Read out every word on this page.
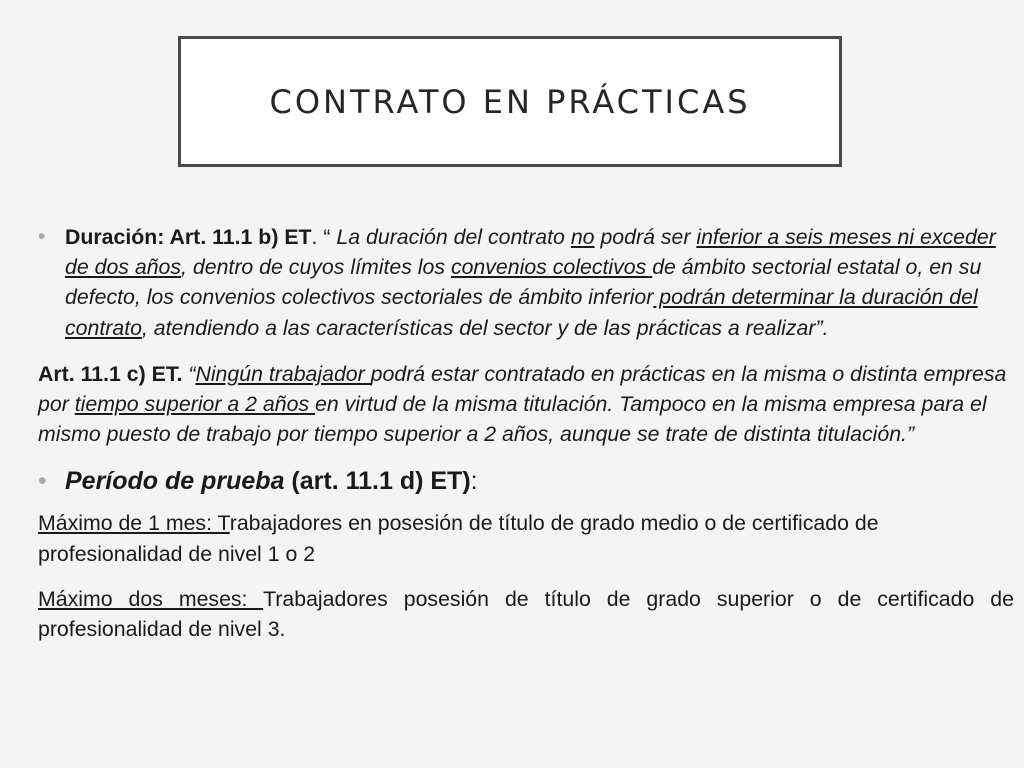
CONTRATO EN PRÁCTICAS

• Duración: Art. 11.1 b) ET. “ La duración del contrato no podrá ser inferior a seis meses ni exceder de dos años, dentro de cuyos límites los convenios colectivos de ámbito sectorial estatal o, en su defecto, los convenios colectivos sectoriales de ámbito inferior podrán determinar la duración del contrato, atendiendo a las características del sector y de las prácticas a realizar”.

Art. 11.1 c) ET. “Ningún trabajador podrá estar contratado en prácticas en la misma o distinta empresa por tiempo superior a 2 años en virtud de la misma titulación. Tampoco en la misma empresa para el mismo puesto de trabajo por tiempo superior a 2 años, aunque se trate de distinta titulación.”

• Período de prueba (art. 11.1 d) ET):

Máximo de 1 mes: Trabajadores en posesión de título de grado medio o de certificado de profesionalidad de nivel 1 o 2

Máximo dos meses: Trabajadores posesión de título de grado superior o de certificado de profesionalidad de nivel 3.
